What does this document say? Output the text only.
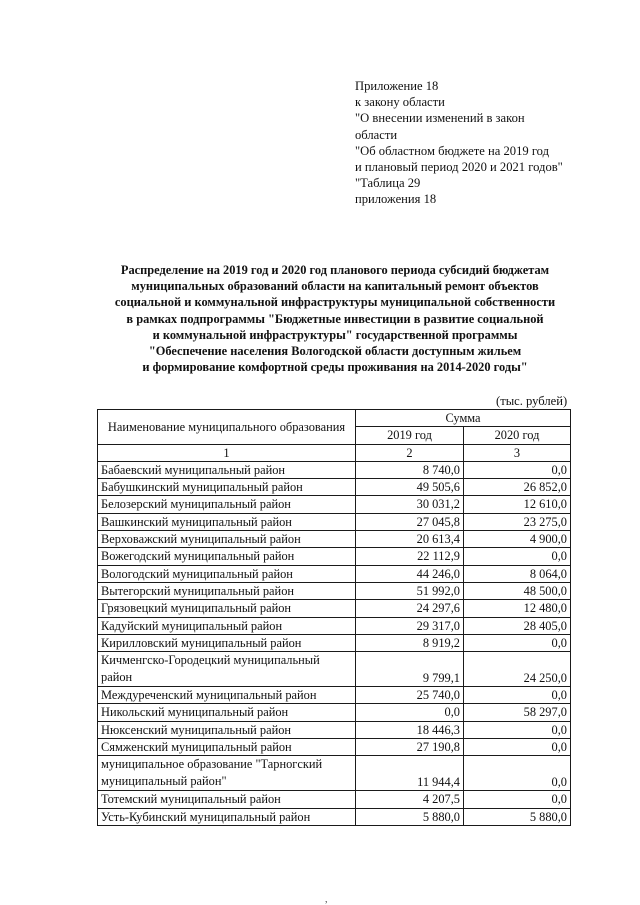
Приложение 18
к закону области
"О внесении изменений в закон
области
"Об областном бюджете на 2019 год
и плановый период 2020 и 2021 годов"
"Таблица 29
приложения 18
Распределение на 2019 год и 2020 год планового периода субсидий бюджетам
муниципальных образований области на капитальный ремонт объектов
социальной и коммунальной инфраструктуры муниципальной собственности
в рамках подпрограммы "Бюджетные инвестиции в развитие социальной
и коммунальной инфраструктуры" государственной программы
"Обеспечение населения Вологодской области доступным жильем
и формирование комфортной среды проживания на 2014-2020 годы"
(тыс. рублей)
Наименование муниципального образования	Сумма	
	2019 год	2020 год
1	2	3
Бабаевский муниципальный район	8 740,0	0,0
Бабушкинский муниципальный район	49 505,6	26 852,0
Белозерский муниципальный район	30 031,2	12 610,0
Вашкинский муниципальный район	27 045,8	23 275,0
Верховажский муниципальный район	20 613,4	4 900,0
Вожегодский муниципальный район	22 112,9	0,0
Вологодский муниципальный район	44 246,0	8 064,0
Вытегорский муниципальный район	51 992,0	48 500,0
Грязовецкий муниципальный район	24 297,6	12 480,0
Кадуйский муниципальный район	29 317,0	28 405,0
Кирилловский муниципальный район	8 919,2	0,0
Кичменгско-Городецкий муниципальный район	9 799,1	24 250,0
Междуреченский муниципальный район	25 740,0	0,0
Никольский муниципальный район	0,0	58 297,0
Нюксенский муниципальный район	18 446,3	0,0
Сямженский муниципальный район	27 190,8	0,0
муниципальное образование "Тарногский муниципальный район"	11 944,4	0,0
Тотемский муниципальный район	4 207,5	0,0
Усть-Кубинский муниципальный район	5 880,0	5 880,0
,
